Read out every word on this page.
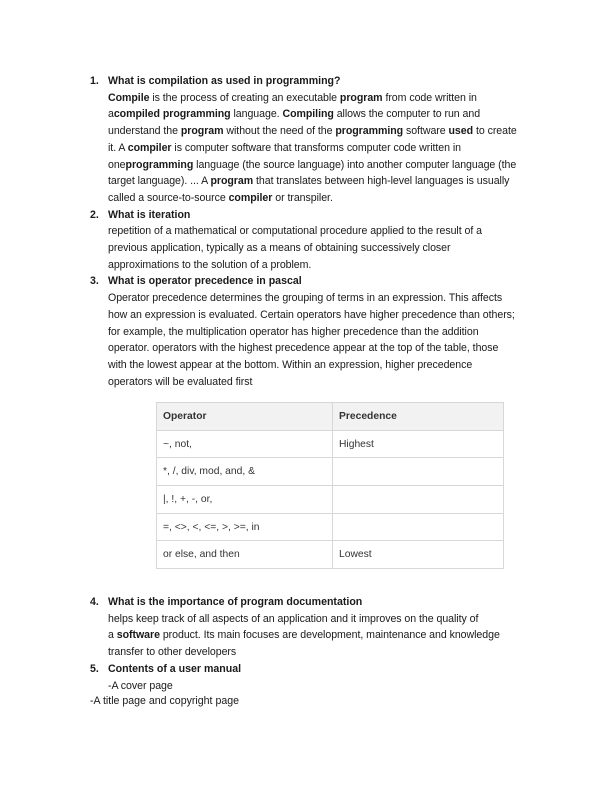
1. What is compilation as used in programming?
Compile is the process of creating an executable program from code written in
acompiled programming language. Compiling allows the computer to run and
understand the program without the need of the programming software used to create
it. A compiler is computer software that transforms computer code written in
oneprogramming language (the source language) into another computer language (the
target language). ... A program that translates between high-level languages is usually
called a source-to-source compiler or transpiler.
2. What is iteration
repetition of a mathematical or computational procedure applied to the result of a
previous application, typically as a means of obtaining successively closer
approximations to the solution of a problem.
3. What is operator precedence in pascal
Operator precedence determines the grouping of terms in an expression. This affects
how an expression is evaluated. Certain operators have higher precedence than others;
for example, the multiplication operator has higher precedence than the addition
operator. operators with the highest precedence appear at the top of the table, those
with the lowest appear at the bottom. Within an expression, higher precedence
operators will be evaluated first
Operator	Precedence
~, not,	Highest
*, /, div, mod, and, &	
|, !, +, -, or,	
=, <>, <, <=, >, >=, in	
or else, and then	Lowest
4. What is the importance of program documentation
helps keep track of all aspects of an application and it improves on the quality of
a software product. Its main focuses are development, maintenance and knowledge
transfer to other developers
5. Contents of a user manual
-A cover page
-A title page and copyright page
